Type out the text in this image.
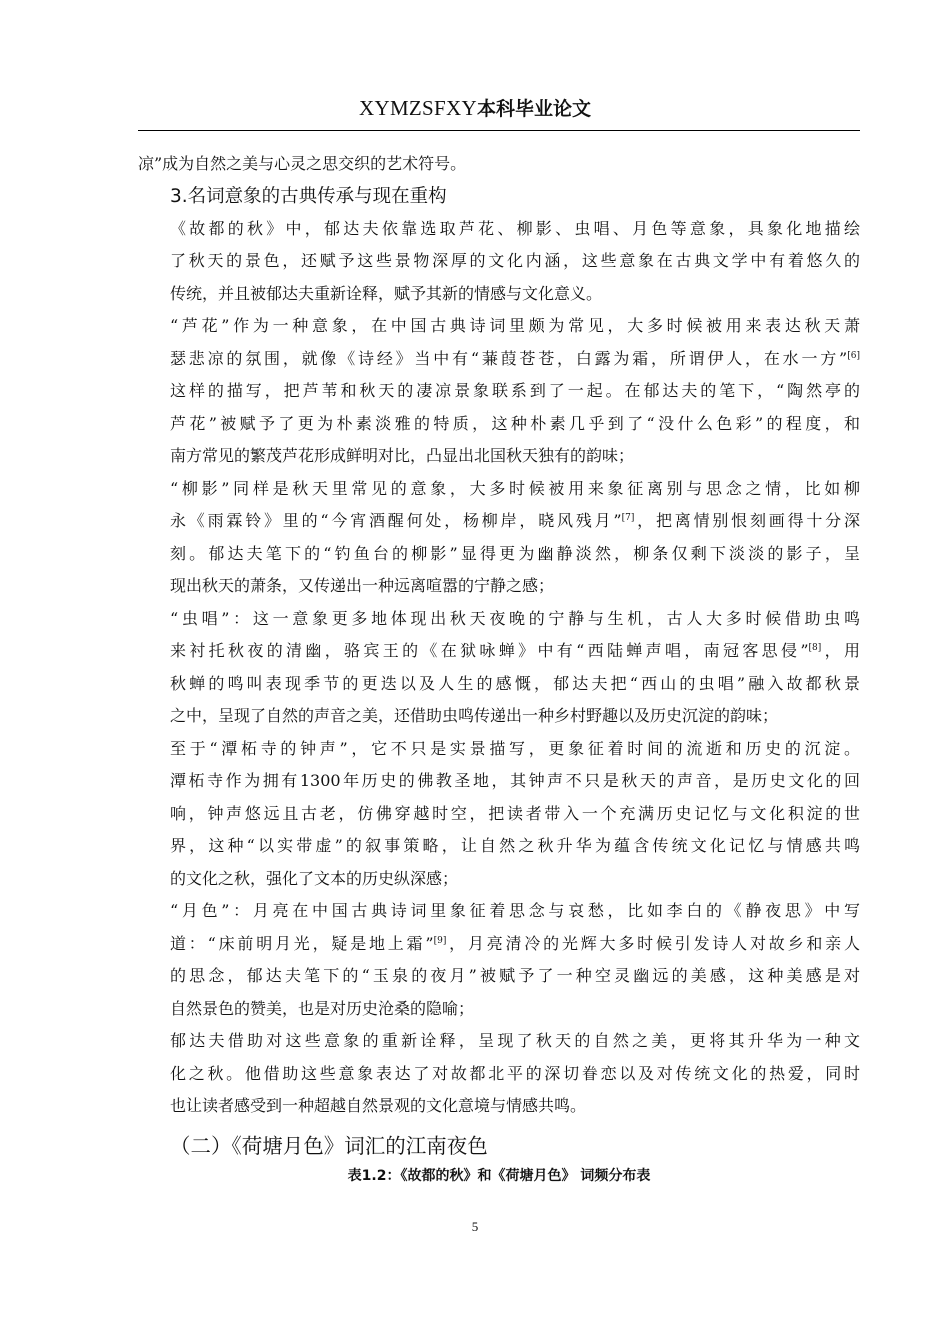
XYMZSFXY本科毕业论文

凉”成为自然之美与心灵之思交织的艺术符号。

3.名词意象的古典传承与现在重构

《故都的秋》中，郁达夫依靠选取芦花、柳影、虫唱、月色等意象，具象化地描绘
了秋天的景色，还赋予这些景物深厚的文化内涵，这些意象在古典文学中有着悠久的
传统，并且被郁达夫重新诠释，赋予其新的情感与文化意义。

“芦花”作为一种意象，在中国古典诗词里颇为常见，大多时候被用来表达秋天萧
瑟悲凉的氛围，就像《诗经》当中有“蒹葭苍苍，白露为霜，所谓伊人，在水一方”[6]
这样的描写，把芦苇和秋天的凄凉景象联系到了一起。在郁达夫的笔下，“陶然亭的
芦花”被赋予了更为朴素淡雅的特质，这种朴素几乎到了“没什么色彩”的程度，和
南方常见的繁茂芦花形成鲜明对比，凸显出北国秋天独有的韵味；

“柳影”同样是秋天里常见的意象，大多时候被用来象征离别与思念之情，比如柳
永《雨霖铃》里的“今宵酒醒何处，杨柳岸，晓风残月”[7]，把离情别恨刻画得十分深
刻。郁达夫笔下的“钓鱼台的柳影”显得更为幽静淡然，柳条仅剩下淡淡的影子，呈
现出秋天的萧条，又传递出一种远离喧嚣的宁静之感；

“虫唱”：这一意象更多地体现出秋天夜晚的宁静与生机，古人大多时候借助虫鸣
来衬托秋夜的清幽，骆宾王的《在狱咏蝉》中有“西陆蝉声唱，南冠客思侵”[8]，用
秋蝉的鸣叫表现季节的更迭以及人生的感慨，郁达夫把“西山的虫唱”融入故都秋景
之中，呈现了自然的声音之美，还借助虫鸣传递出一种乡村野趣以及历史沉淀的韵味；

至于“潭柘寺的钟声”，它不只是实景描写，更象征着时间的流逝和历史的沉淀。
潭柘寺作为拥有1300年历史的佛教圣地，其钟声不只是秋天的声音，是历史文化的回
响，钟声悠远且古老，仿佛穿越时空，把读者带入一个充满历史记忆与文化积淀的世
界，这种“以实带虚”的叙事策略，让自然之秋升华为蕴含传统文化记忆与情感共鸣
的文化之秋，强化了文本的历史纵深感；

“月色”：月亮在中国古典诗词里象征着思念与哀愁，比如李白的《静夜思》中写
道：“床前明月光，疑是地上霜”[9]，月亮清冷的光辉大多时候引发诗人对故乡和亲人
的思念，郁达夫笔下的“玉泉的夜月”被赋予了一种空灵幽远的美感，这种美感是对
自然景色的赞美，也是对历史沧桑的隐喻；

郁达夫借助对这些意象的重新诠释，呈现了秋天的自然之美，更将其升华为一种文
化之秋。他借助这些意象表达了对故都北平的深切眷恋以及对传统文化的热爱，同时
也让读者感受到一种超越自然景观的文化意境与情感共鸣。

（二）《荷塘月色》词汇的江南夜色
表1.2：《故都的秋》和《荷塘月色》 词频分布表
5
